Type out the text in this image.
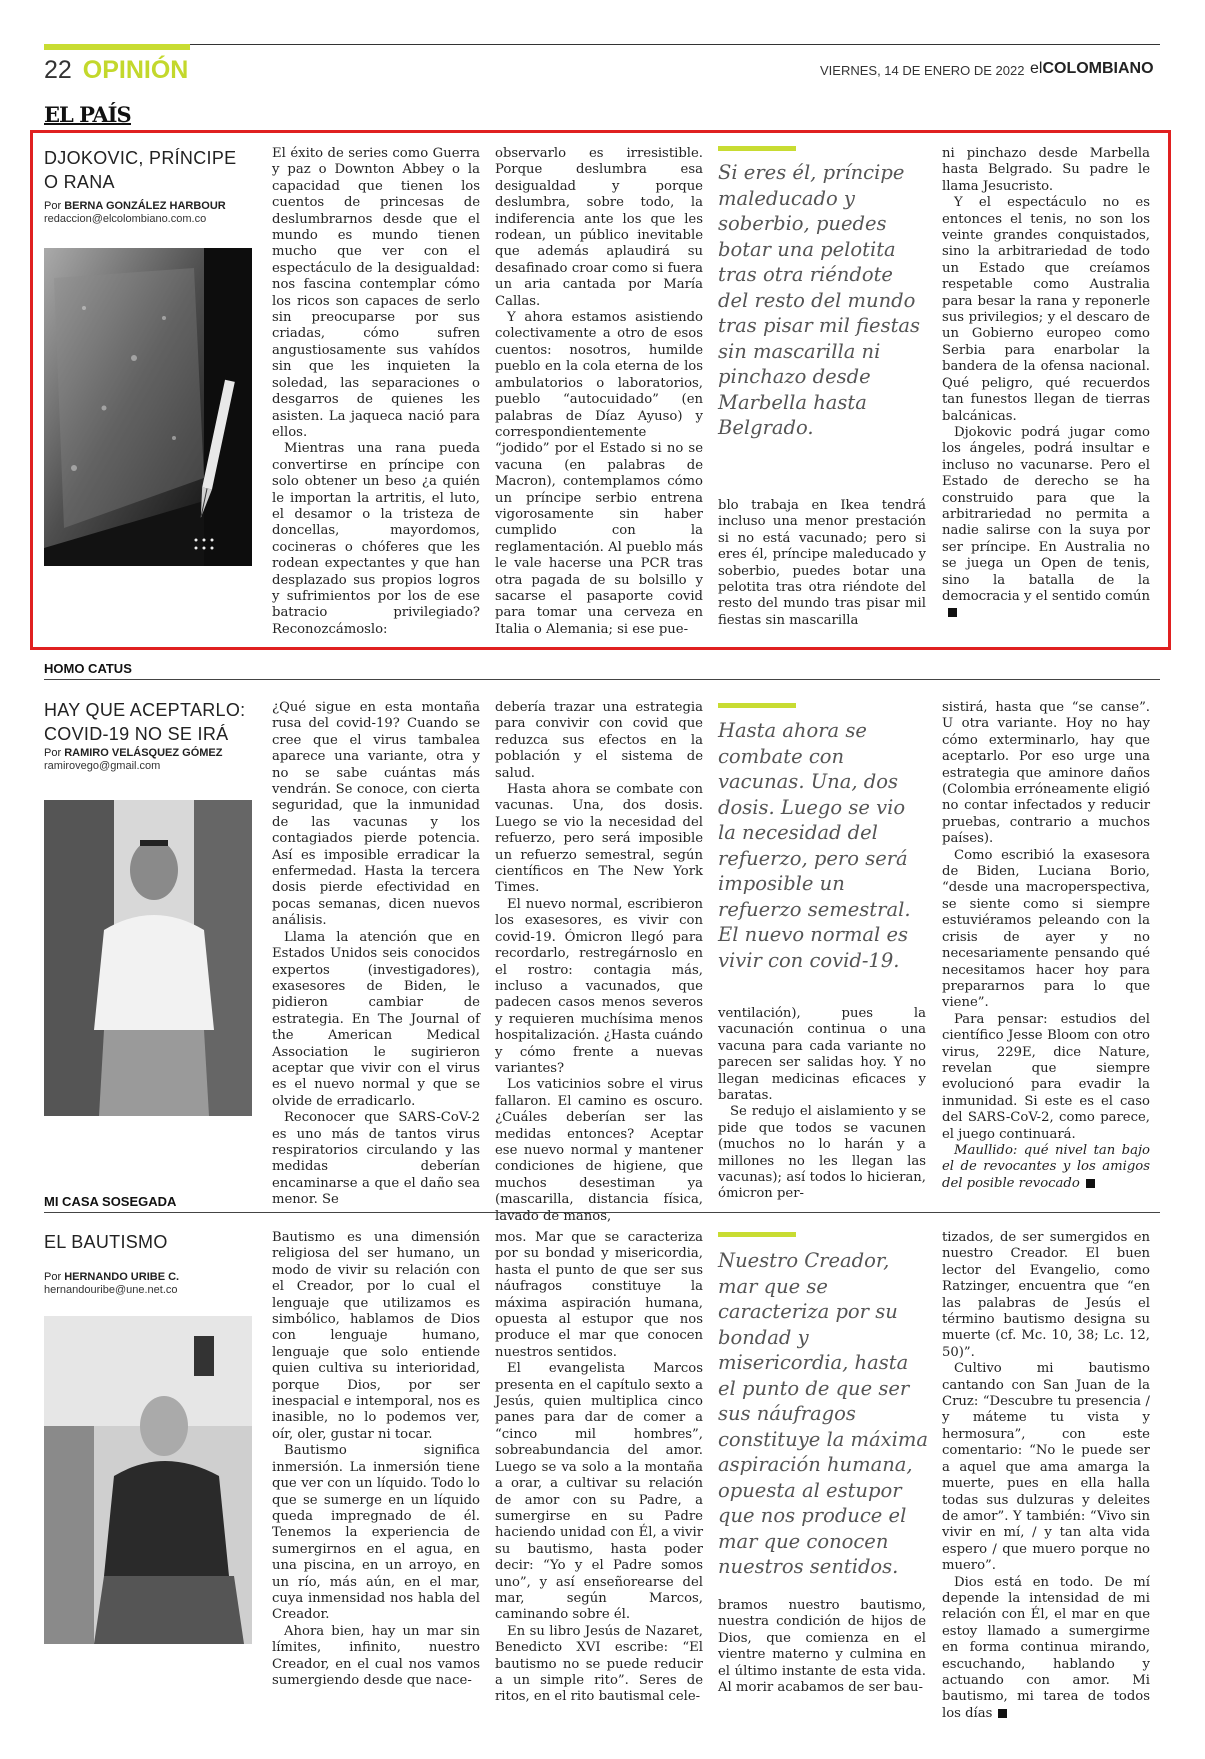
22 OPINIÓN	VIERNES, 14 DE ENERO DE 2022 elCOLOMBIANO
EL PAÍS
DJOKOVIC, PRÍNCIPE O RANA
Por BERNA GONZÁLEZ HARBOUR
redaccion@elcolombiano.com.co

El éxito de series como Guerra y paz o Downton Abbey o la capacidad que tienen los cuentos de princesas de deslumbrarnos desde que el mundo es mundo tienen mucho que ver con el espectáculo de la desigualdad: nos fascina contemplar cómo los ricos son capaces de serlo sin preocuparse por sus criadas, cómo sufren angustiosamente sus vahídos sin que les inquieten la soledad, las separaciones o desgarros de quienes les asisten. La jaqueca nació para ellos.

Mientras una rana pueda convertirse en príncipe con solo obtener un beso ¿a quién le importan la artritis, el luto, el desamor o la tristeza de doncellas, mayordomos, cocineras o chóferes que les rodean expectantes y que han desplazado sus propios logros y sufrimientos por los de ese batracio privilegiado? Reconozcámoslo:

observarlo es irresistible. Porque deslumbra esa desigualdad y porque deslumbra, sobre todo, la indiferencia ante los que les rodean, un público inevitable que además aplaudirá su desafinado croar como si fuera un aria cantada por María Callas.

Y ahora estamos asistiendo colectivamente a otro de esos cuentos: nosotros, humilde pueblo en la cola eterna de los ambulatorios o laboratorios, pueblo “autocuidado” (en palabras de Díaz Ayuso) y correspondientemente “jodido” por el Estado si no se vacuna (en palabras de Macron), contemplamos cómo un príncipe serbio entrena vigorosamente sin haber cumplido con la reglamentación. Al pueblo más le vale hacerse una PCR tras otra pagada de su bolsillo y sacarse el pasaporte covid para tomar una cerveza en Italia o Alemania; si ese pue-

Si eres él, príncipe maleducado y soberbio, puedes botar una pelotita tras otra riéndote del resto del mundo tras pisar mil fiestas sin mascarilla ni pinchazo desde Marbella hasta Belgrado.

blo trabaja en Ikea tendrá incluso una menor prestación si no está vacunado; pero si eres él, príncipe maleducado y soberbio, puedes botar una pelotita tras otra riéndote del resto del mundo tras pisar mil fiestas sin mascarilla

ni pinchazo desde Marbella hasta Belgrado. Su padre le llama Jesucristo.

Y el espectáculo no es entonces el tenis, no son los veinte grandes conquistados, sino la arbitrariedad de todo un Estado que creíamos respetable como Australia para besar la rana y reponerle sus privilegios; y el descaro de un Gobierno europeo como Serbia para enarbolar la bandera de la ofensa nacional. Qué peligro, qué recuerdos tan funestos llegan de tierras balcánicas.

Djokovic podrá jugar como los ángeles, podrá insultar e incluso no vacunarse. Pero el Estado de derecho se ha construido para que la arbitrariedad no permita a nadie salirse con la suya por ser príncipe. En Australia no se juega un Open de tenis, sino la batalla de la democracia y el sentido común

HOMO CATUS
HAY QUE ACEPTARLO: COVID-19 NO SE IRÁ
Por RAMIRO VELÁSQUEZ GÓMEZ
ramirovego@gmail.com

¿Qué sigue en esta montaña rusa del covid-19? Cuando se cree que el virus tambalea aparece una variante, otra y no se sabe cuántas más vendrán. Se conoce, con cierta seguridad, que la inmunidad de las vacunas y los contagiados pierde potencia. Así es imposible erradicar la enfermedad. Hasta la tercera dosis pierde efectividad en pocas semanas, dicen nuevos análisis.

Llama la atención que en Estados Unidos seis conocidos expertos (investigadores), exasesores de Biden, le pidieron cambiar de estrategia. En The Journal of the American Medical Association le sugirieron aceptar que vivir con el virus es el nuevo normal y que se olvide de erradicarlo.

Reconocer que SARS-CoV-2 es uno más de tantos virus respiratorios circulando y las medidas deberían encaminarse a que el daño sea menor. Se

debería trazar una estrategia para convivir con covid que reduzca sus efectos en la población y el sistema de salud.

Hasta ahora se combate con vacunas. Una, dos dosis. Luego se vio la necesidad del refuerzo, pero será imposible un refuerzo semestral, según científicos en The New York Times.

El nuevo normal, escribieron los exasesores, es vivir con covid-19. Ómicron llegó para recordarlo, restregárnoslo en el rostro: contagia más, incluso a vacunados, que padecen casos menos severos y requieren muchísima menos hospitalización. ¿Hasta cuándo y cómo frente a nuevas variantes?

Los vaticinios sobre el virus fallaron. El camino es oscuro. ¿Cuáles deberían ser las medidas entonces? Aceptar ese nuevo normal y mantener condiciones de higiene, que muchos desestiman ya (mascarilla, distancia física, lavado de manos,

Hasta ahora se combate con vacunas. Una, dos dosis. Luego se vio la necesidad del refuerzo, pero será imposible un refuerzo semestral. El nuevo normal es vivir con covid-19.

ventilación), pues la vacunación continua o una vacuna para cada variante no parecen ser salidas hoy. Y no llegan medicinas eficaces y baratas.

Se redujo el aislamiento y se pide que todos se vacunen (muchos no lo harán y a millones no les llegan las vacunas); así todos lo hicieran, ómicron per-

sistirá, hasta que “se canse”. U otra variante. Hoy no hay cómo exterminarlo, hay que aceptarlo. Por eso urge una estrategia que aminore daños (Colombia erróneamente eligió no contar infectados y reducir pruebas, contrario a muchos países).

Como escribió la exasesora de Biden, Luciana Borio, “desde una macroperspectiva, se siente como si siempre estuviéramos peleando con la crisis de ayer y no necesariamente pensando qué necesitamos hacer hoy para prepararnos para lo que viene”.

Para pensar: estudios del científico Jesse Bloom con otro virus, 229E, dice Nature, revelan que siempre evolucionó para evadir la inmunidad. Si este es el caso del SARS-CoV-2, como parece, el juego continuará.

Maullido: qué nivel tan bajo el de revocantes y los amigos del posible revocado

MI CASA SOSEGADA
EL BAUTISMO
Por HERNANDO URIBE C.
hernandouribe@une.net.co

Bautismo es una dimensión religiosa del ser humano, un modo de vivir su relación con el Creador, por lo cual el lenguaje que utilizamos es simbólico, hablamos de Dios con lenguaje humano, lenguaje que solo entiende quien cultiva su interioridad, porque Dios, por ser inespacial e intemporal, nos es inasible, no lo podemos ver, oír, oler, gustar ni tocar.

Bautismo significa inmersión. La inmersión tiene que ver con un líquido. Todo lo que se sumerge en un líquido queda impregnado de él. Tenemos la experiencia de sumergirnos en el agua, en una piscina, en un arroyo, en un río, más aún, en el mar, cuya inmensidad nos habla del Creador.

Ahora bien, hay un mar sin límites, infinito, nuestro Creador, en el cual nos vamos sumergiendo desde que nace-

mos. Mar que se caracteriza por su bondad y misericordia, hasta el punto de que ser sus náufragos constituye la máxima aspiración humana, opuesta al estupor que nos produce el mar que conocen nuestros sentidos.

El evangelista Marcos presenta en el capítulo sexto a Jesús, quien multiplica cinco panes para dar de comer a “cinco mil hombres”, sobreabundancia del amor. Luego se va solo a la montaña a orar, a cultivar su relación de amor con su Padre, a sumergirse en su Padre haciendo unidad con Él, a vivir su bautismo, hasta poder decir: “Yo y el Padre somos uno”, y así enseñorearse del mar, según Marcos, caminando sobre él.

En su libro Jesús de Nazaret, Benedicto XVI escribe: “El bautismo no se puede reducir a un simple rito”. Seres de ritos, en el rito bautismal cele-

Nuestro Creador, mar que se caracteriza por su bondad y misericordia, hasta el punto de que ser sus náufragos constituye la máxima aspiración humana, opuesta al estupor que nos produce el mar que conocen nuestros sentidos.

bramos nuestro bautismo, nuestra condición de hijos de Dios, que comienza en el vientre materno y culmina en el último instante de esta vida. Al morir acabamos de ser bau-

tizados, de ser sumergidos en nuestro Creador. El buen lector del Evangelio, como Ratzinger, encuentra que “en las palabras de Jesús el término bautismo designa su muerte (cf. Mc. 10, 38; Lc. 12, 50)”.

Cultivo mi bautismo cantando con San Juan de la Cruz: “Descubre tu presencia / y máteme tu vista y hermosura”, con este comentario: “No le puede ser a aquel que ama amarga la muerte, pues en ella halla todas sus dulzuras y deleites de amor”. Y también: “Vivo sin vivir en mí, / y tan alta vida espero / que muero porque no muero”.

Dios está en todo. De mí depende la intensidad de mi relación con Él, el mar en que estoy llamado a sumergirme en forma continua mirando, escuchando, hablando y actuando con amor. Mi bautismo, mi tarea de todos los días
